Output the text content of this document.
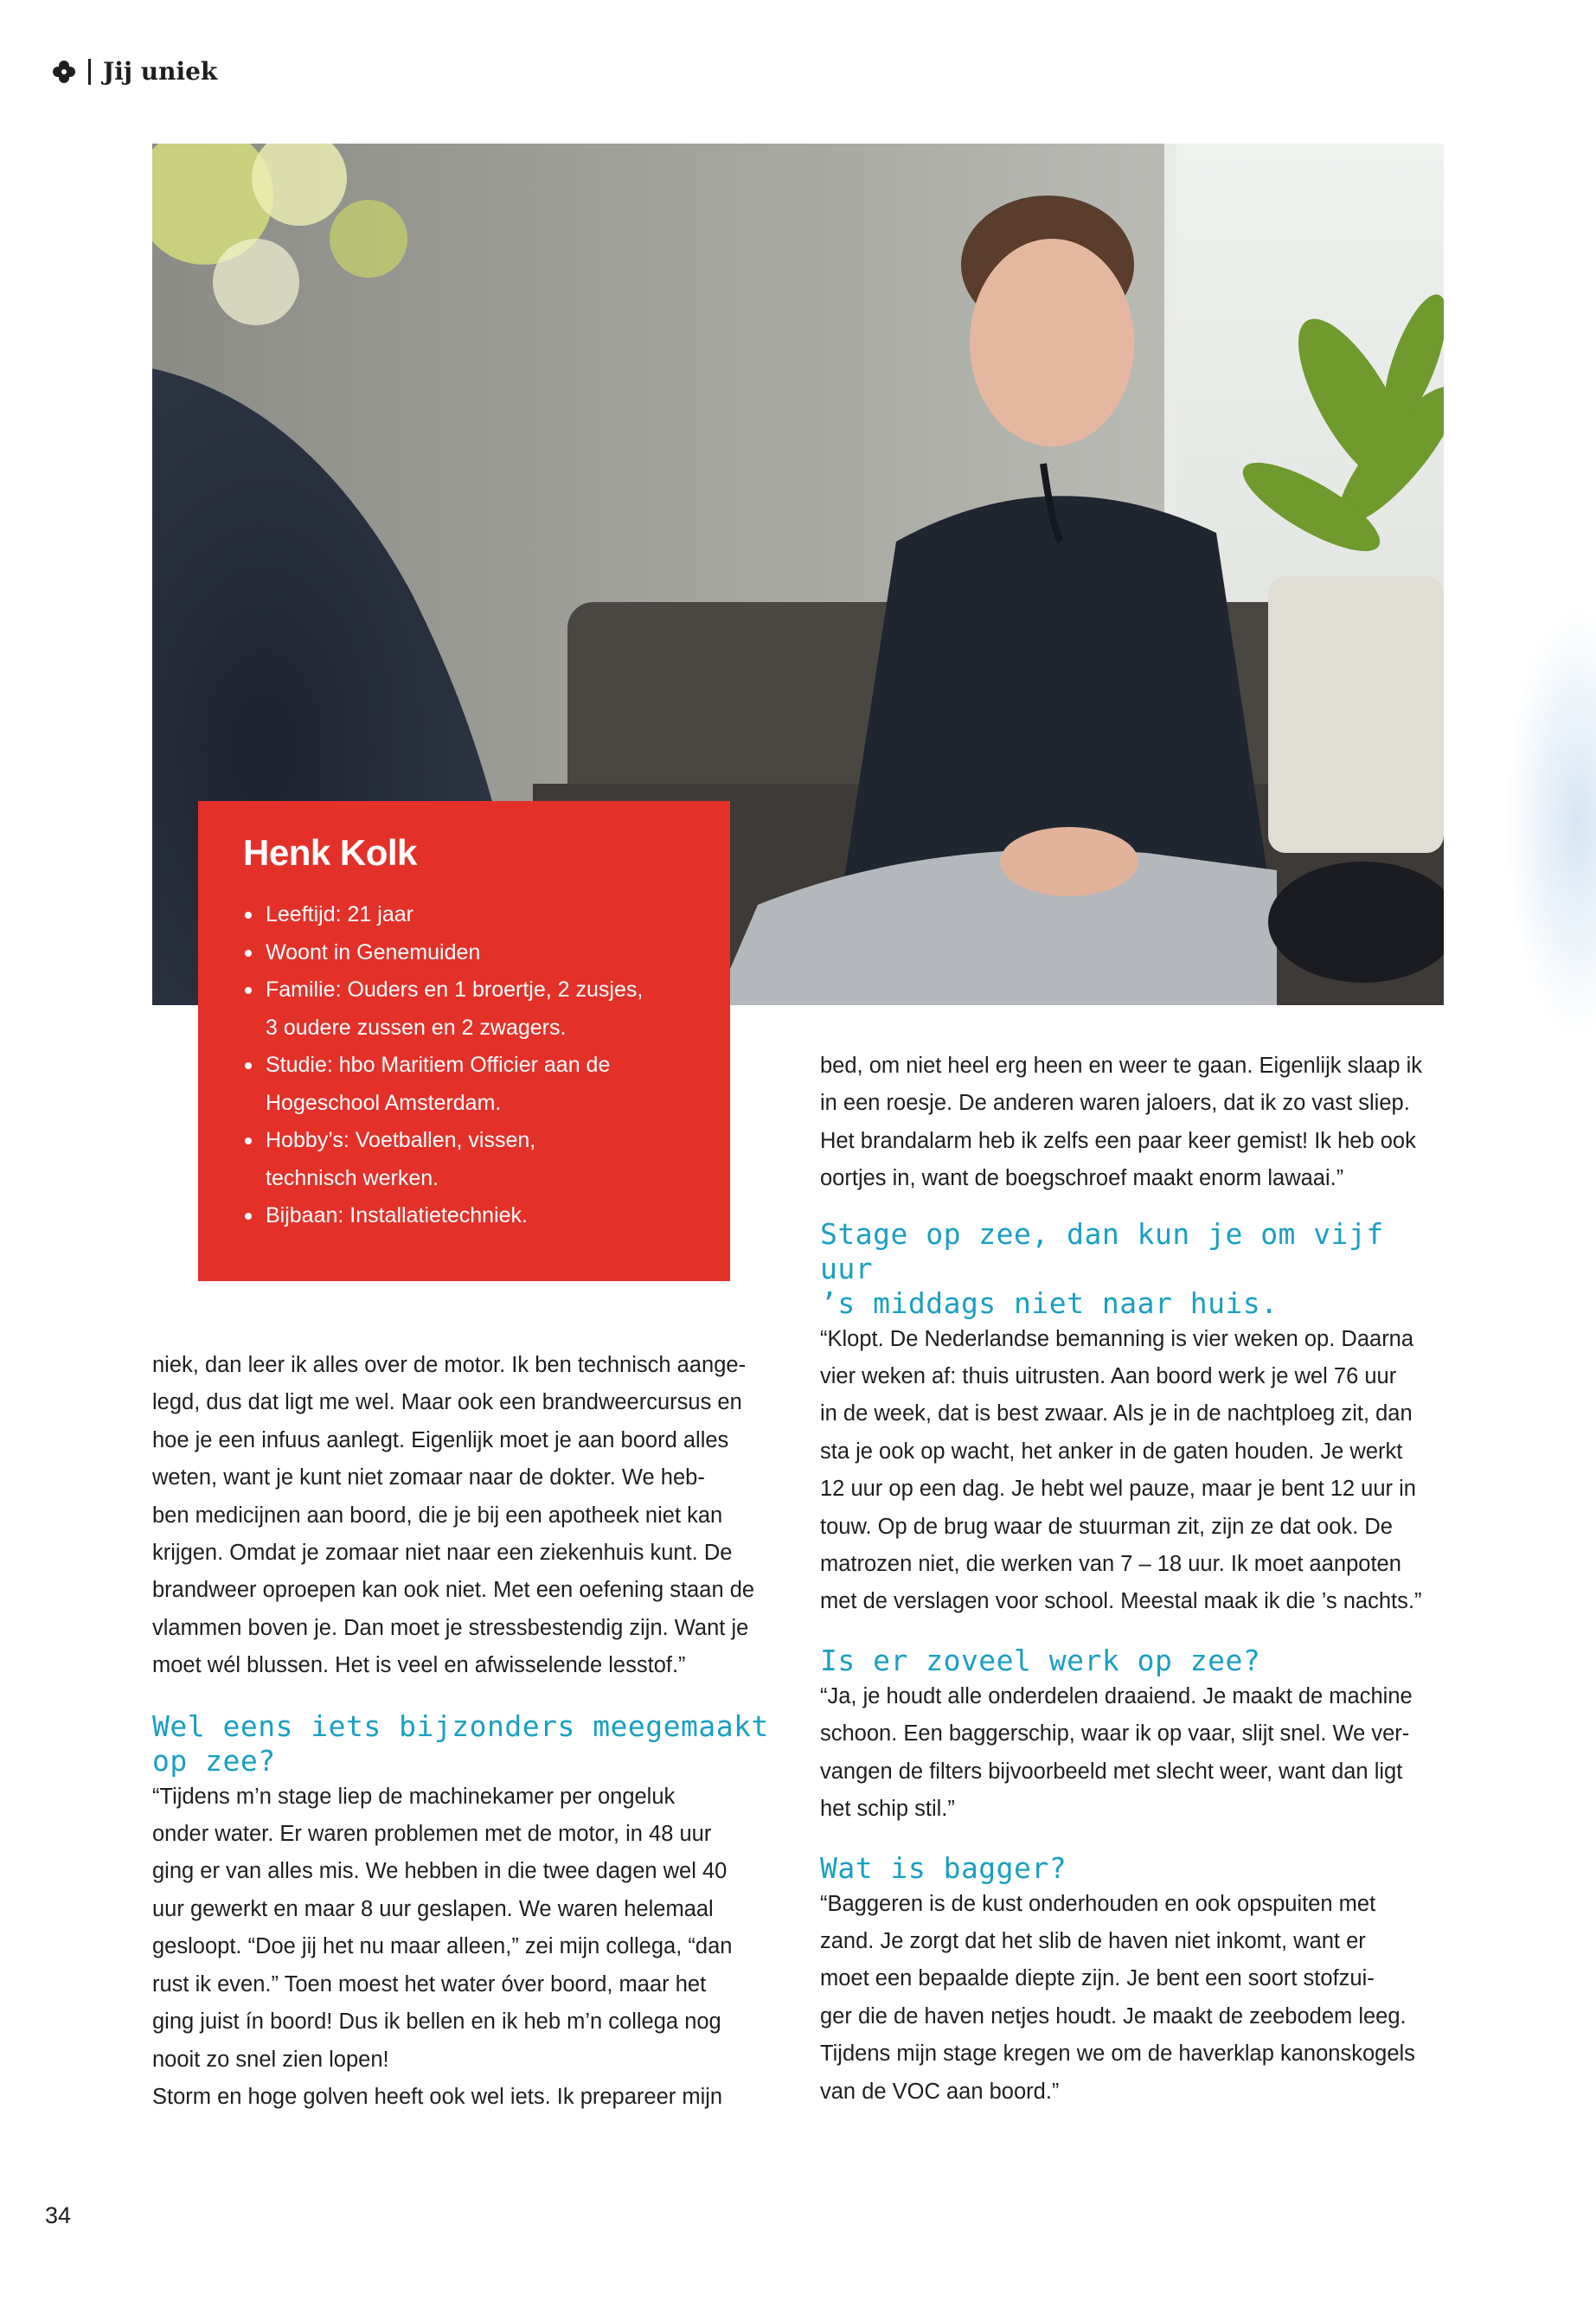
Jij uniek
Henk Kolk
Leeftijd: 21 jaar
Woont in Genemuiden
Familie: Ouders en 1 broertje, 2 zusjes,
3 oudere zussen en 2 zwagers.
Studie: hbo Maritiem Officier aan de
Hogeschool Amsterdam.
Hobby’s: Voetballen, vissen,
technisch werken.
Bijbaan: Installatietechniek.

niek, dan leer ik alles over de motor. Ik ben technisch aange-
legd, dus dat ligt me wel. Maar ook een brandweercursus en
hoe je een infuus aanlegt. Eigenlijk moet je aan boord alles
weten, want je kunt niet zomaar naar de dokter. We heb-
ben medicijnen aan boord, die je bij een apotheek niet kan
krijgen. Omdat je zomaar niet naar een ziekenhuis kunt. De
brandweer oproepen kan ook niet. Met een oefening staan de
vlammen boven je. Dan moet je stressbestendig zijn. Want je
moet wél blussen. Het is veel en afwisselende lesstof.”

Wel eens iets bijzonders meegemaakt
op zee?

“Tijdens m’n stage liep de machinekamer per ongeluk
onder water. Er waren problemen met de motor, in 48 uur
ging er van alles mis. We hebben in die twee dagen wel 40
uur gewerkt en maar 8 uur geslapen. We waren helemaal
gesloopt. “Doe jij het nu maar alleen,” zei mijn collega, “dan
rust ik even.” Toen moest het water óver boord, maar het
ging juist ín boord! Dus ik bellen en ik heb m’n collega nog
nooit zo snel zien lopen!
Storm en hoge golven heeft ook wel iets. Ik prepareer mijn

bed, om niet heel erg heen en weer te gaan. Eigenlijk slaap ik
in een roesje. De anderen waren jaloers, dat ik zo vast sliep.
Het brandalarm heb ik zelfs een paar keer gemist! Ik heb ook
oortjes in, want de boegschroef maakt enorm lawaai.”

Stage op zee, dan kun je om vijf uur
’s middags niet naar huis.

“Klopt. De Nederlandse bemanning is vier weken op. Daarna
vier weken af: thuis uitrusten. Aan boord werk je wel 76 uur
in de week, dat is best zwaar. Als je in de nachtploeg zit, dan
sta je ook op wacht, het anker in de gaten houden. Je werkt
12 uur op een dag. Je hebt wel pauze, maar je bent 12 uur in
touw. Op de brug waar de stuurman zit, zijn ze dat ook. De
matrozen niet, die werken van 7 – 18 uur. Ik moet aanpoten
met de verslagen voor school. Meestal maak ik die ’s nachts.”

Is er zoveel werk op zee?

“Ja, je houdt alle onderdelen draaiend. Je maakt de machine
schoon. Een baggerschip, waar ik op vaar, slijt snel. We ver-
vangen de filters bijvoorbeeld met slecht weer, want dan ligt
het schip stil.”

Wat is bagger?

“Baggeren is de kust onderhouden en ook opspuiten met
zand. Je zorgt dat het slib de haven niet inkomt, want er
moet een bepaalde diepte zijn. Je bent een soort stofzui-
ger die de haven netjes houdt. Je maakt de zeebodem leeg.
Tijdens mijn stage kregen we om de haverklap kanonskogels
van de VOC aan boord.”

34
